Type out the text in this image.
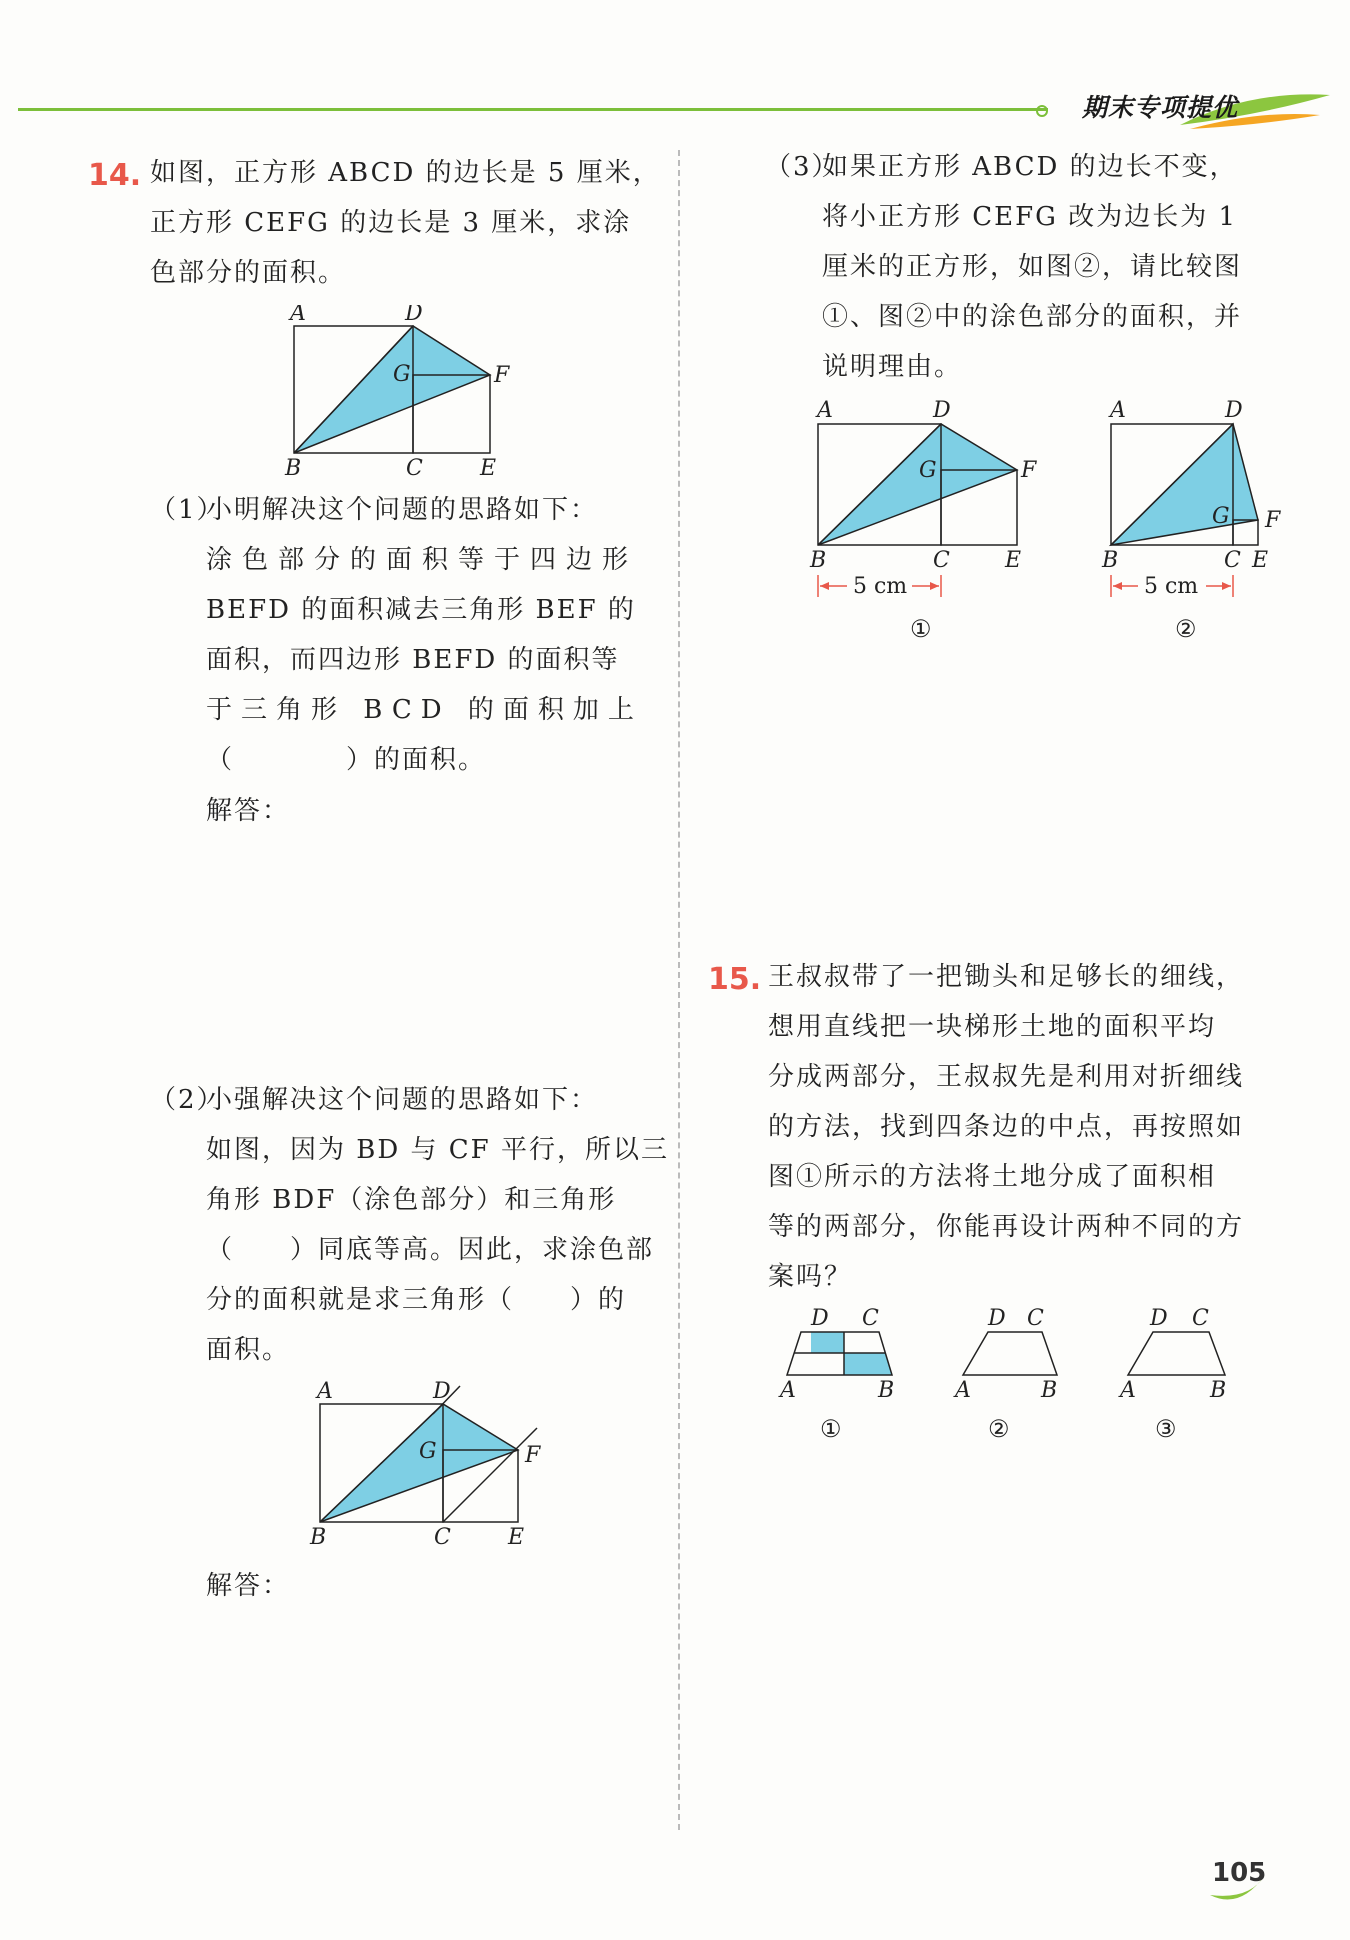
期末专项提优
14. 如图，正方形 ABCD 的边长是 5 厘米，

正方形 CEFG 的边长是 3 厘米，求涂

色部分的面积。

A	D
G	F
B	C	E
（1）

小明解决这个问题的思路如下：

涂色部分的面积等于四边形

BEFD 的面积减去三角形 BEF 的

面积，而四边形 BEFD 的面积等

于三角形 BCD 的面积加上

（　　　　）的面积。

解答：
（2）

小强解决这个问题的思路如下：

如图，因为 BD 与 CF 平行，所以三

角形 BDF（涂色部分）和三角形

（　　）同底等高。因此，求涂色部

分的面积就是求三角形（　　）的

面积。

A	D
G	F
B	C	E
解答：
（3）

如果正方形 ABCD 的边长不变，

将小正方形 CEFG 改为边长为 1

厘米的正方形，如图②，请比较图

①、图②中的涂色部分的面积，并

说明理由。

A	D
G	F
B	C	E
5 cm
①
A	D
G F
B	C E
5 cm
②
15. 王叔叔带了一把锄头和足够长的细线，

想用直线把一块梯形土地的面积平均

分成两部分，王叔叔先是利用对折细线

的方法，找到四条边的中点，再按照如

图①所示的方法将土地分成了面积相

等的两部分，你能再设计两种不同的方

案吗？

D C
A	B
①
D C
A	B
②
D C
A	B
③
105
